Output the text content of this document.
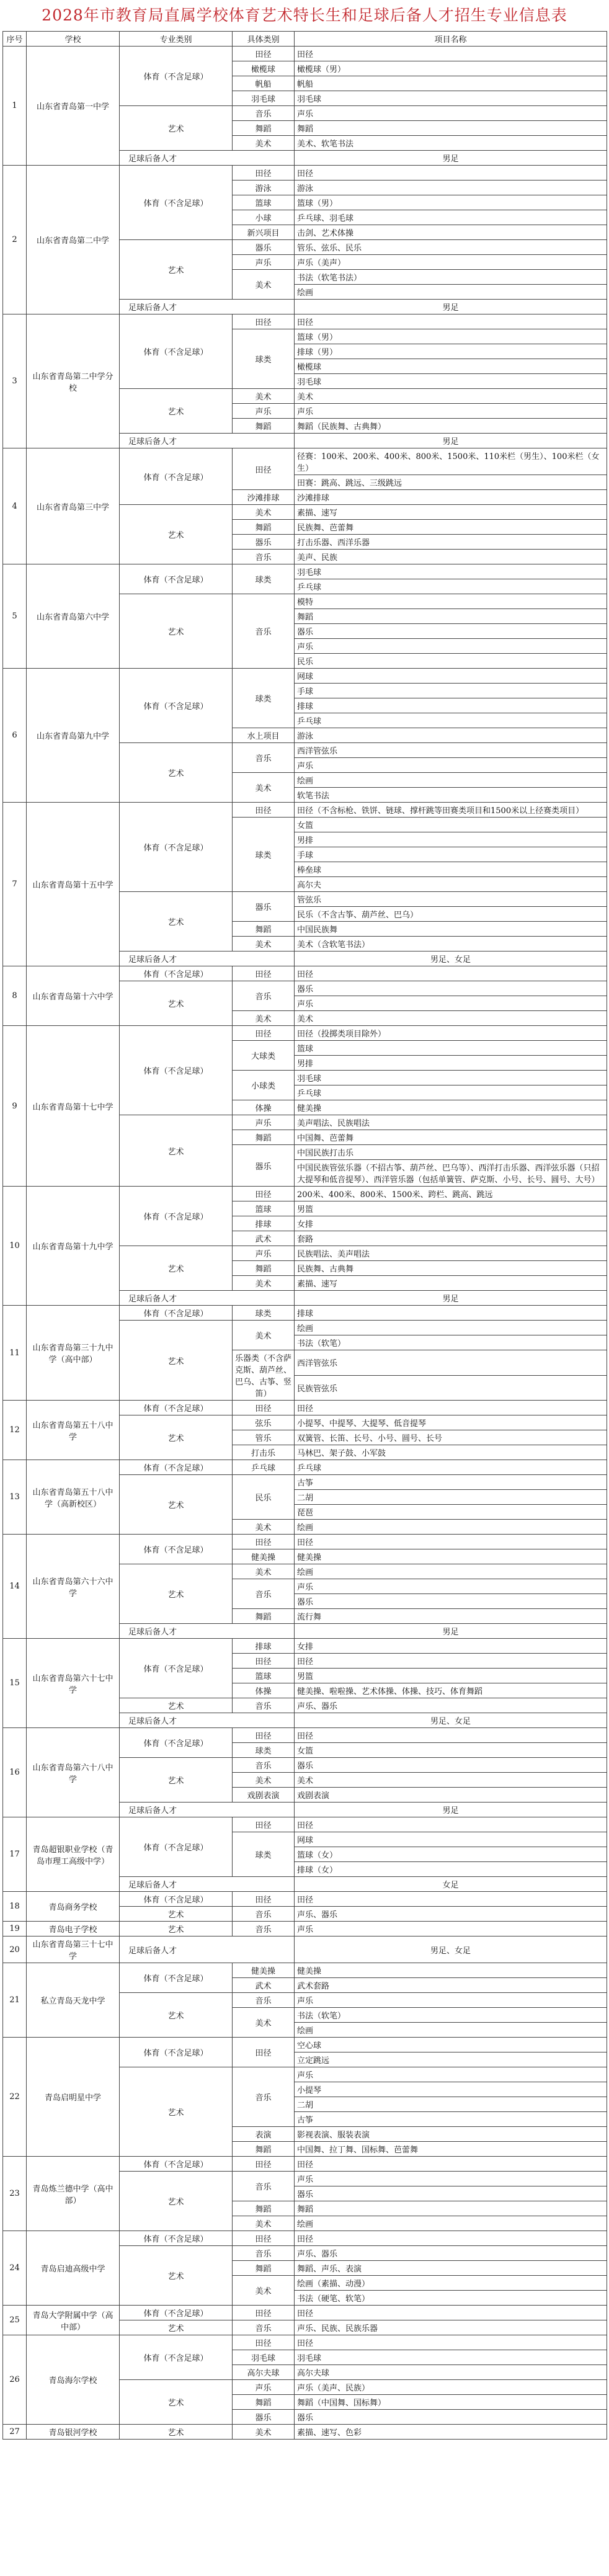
2028年市教育局直属学校体育艺术特长生和足球后备人才招生专业信息表
序号	学校	专业类别	具体类别	项目名称
1	山东省青岛第一中学	体育（不含足球）	田径	田径
			橄榄球	橄榄球（男）
			帆船	帆船
			羽毛球	羽毛球
		艺术	音乐	声乐
			舞蹈	舞蹈
			美术	美术、软笔书法
		足球后备人才		男足
2	山东省青岛第二中学	体育（不含足球）	田径	田径
			游泳	游泳
			篮球	篮球（男）
			小球	乒乓球、羽毛球
			新兴项目	击剑、艺术体操
		艺术	器乐	管乐、弦乐、民乐
			声乐	声乐（美声）
			美术	书法（软笔书法）
				绘画
		足球后备人才		男足
3	山东省青岛第二中学分校	体育（不含足球）	田径	田径
			球类	篮球（男）
				排球（男）
				橄榄球
				羽毛球
		艺术	美术	美术
			声乐	声乐
			舞蹈	舞蹈（民族舞、古典舞）
		足球后备人才		男足
4	山东省青岛第三中学	体育（不含足球）	田径	径赛：100米、200米、400米、800米、1500米、110米栏（男生）、100米栏（女生）
				田赛：跳高、跳远、三级跳远
			沙滩排球	沙滩排球
		艺术	美术	素描、速写
			舞蹈	民族舞、芭蕾舞
			器乐	打击乐器、西洋乐器
			音乐	美声、民族
5	山东省青岛第六中学	体育（不含足球）	球类	羽毛球
				乒乓球
		艺术	音乐	模特
				舞蹈
				器乐
				声乐
				民乐
6	山东省青岛第九中学	体育（不含足球）	球类	网球
				手球
				排球
				乒乓球
			水上项目	游泳
		艺术	音乐	西洋管弦乐
				声乐
			美术	绘画
				软笔书法
7	山东省青岛第十五中学	体育（不含足球）	田径	田径（不含标枪、铁饼、链球、撑杆跳等田赛类项目和1500米以上径赛类项目）
			球类	女篮
				男排
				手球
				棒垒球
				高尔夫
		艺术	器乐	管弦乐
				民乐（不含古筝、葫芦丝、巴乌）
			舞蹈	中国民族舞
			美术	美术（含软笔书法）
		足球后备人才		男足、女足
8	山东省青岛第十六中学	体育（不含足球）	田径	田径
		艺术	音乐	器乐
				声乐
			美术	美术
9	山东省青岛第十七中学	体育（不含足球）	田径	田径（投掷类项目除外）
			大球类	篮球
				男排
			小球类	羽毛球
				乒乓球
			体操	健美操
		艺术	声乐	美声唱法、民族唱法
			舞蹈	中国舞、芭蕾舞
			器乐	中国民族打击乐
				中国民族管弦乐器（不招古筝、葫芦丝、巴乌等）、西洋打击乐器、西洋弦乐器（只招大提琴和低音提琴）、西洋管乐器（包括单簧管、萨克斯、小号、长号、圆号、大号）
10	山东省青岛第十九中学	体育（不含足球）	田径	200米、400米、800米、1500米、跨栏、跳高、跳远
			篮球	男篮
			排球	女排
			武术	套路
		艺术	声乐	民族唱法、美声唱法
			舞蹈	民族舞、古典舞
			美术	素描、速写
		足球后备人才		男足
11	山东省青岛第三十九中学（高中部）	体育（不含足球）	球类	排球
		艺术	美术	绘画
				书法（软笔）
			乐器类（不含萨克斯、葫芦丝、巴乌、古筝、竖笛）	西洋管弦乐
				民族管弦乐
12	山东省青岛第五十八中学	体育（不含足球）	田径	田径
		艺术	弦乐	小提琴、中提琴、大提琴、低音提琴
			管乐	双簧管、长笛、长号、小号、圆号、长号
			打击乐	马林巴、架子鼓、小军鼓
13	山东省青岛第五十八中学（高新校区）	体育（不含足球）	乒乓球	乒乓球
		艺术	民乐	古筝
				二胡
				琵琶
			美术	绘画
14	山东省青岛第六十六中学	体育（不含足球）	田径	田径
			健美操	健美操
		艺术	美术	绘画
			音乐	声乐
				器乐
			舞蹈	流行舞
		足球后备人才		男足
15	山东省青岛第六十七中学	体育（不含足球）	排球	女排
			田径	田径
			篮球	男篮
			体操	健美操、啦啦操、艺术体操、体操、技巧、体育舞蹈
		艺术	音乐	声乐、器乐
		足球后备人才		男足、女足
16	山东省青岛第六十八中学	体育（不含足球）	田径	田径
			球类	女篮
		艺术	音乐	器乐
			美术	美术
			戏剧表演	戏剧表演
		足球后备人才		男足
17	青岛超银职业学校（青岛市理工高级中学）	体育（不含足球）	田径	田径
			球类	网球
				篮球（女）
				排球（女）
		足球后备人才		女足
18	青岛商务学校	体育（不含足球）	田径	田径
		艺术	音乐	声乐、器乐
19	青岛电子学校	艺术	音乐	声乐
20	山东省青岛第三十七中学	足球后备人才		男足、女足
21	私立青岛天龙中学	体育（不含足球）	健美操	健美操
			武术	武术套路
		艺术	音乐	声乐
			美术	书法（软笔）
				绘画
22	青岛启明星中学	体育（不含足球）	田径	空心球
				立定跳远
		艺术	音乐	声乐
				小提琴
				二胡
				古筝
			表演	影视表演、服装表演
			舞蹈	中国舞、拉丁舞、国标舞、芭蕾舞
23	青岛炼兰德中学（高中部）	体育（不含足球）	田径	田径
		艺术	音乐	声乐
				器乐
			舞蹈	舞蹈
			美术	绘画
24	青岛启迪高级中学	体育（不含足球）	田径	田径
		艺术	音乐	声乐、器乐
			舞蹈	舞蹈、声乐、表演
			美术	绘画（素描、动漫）
				书法（硬笔、软笔）
25	青岛大学附属中学（高中部）	体育（不含足球）	田径	田径
		艺术	音乐	声乐、民族、民族乐器
26	青岛海尔学校	体育（不含足球）	田径	田径
			羽毛球	羽毛球
			高尔夫球	高尔夫球
		艺术	声乐	声乐（美声、民族）
			舞蹈	舞蹈（中国舞、国标舞）
			器乐	器乐
27	青岛银河学校	艺术	美术	素描、速写、色彩
